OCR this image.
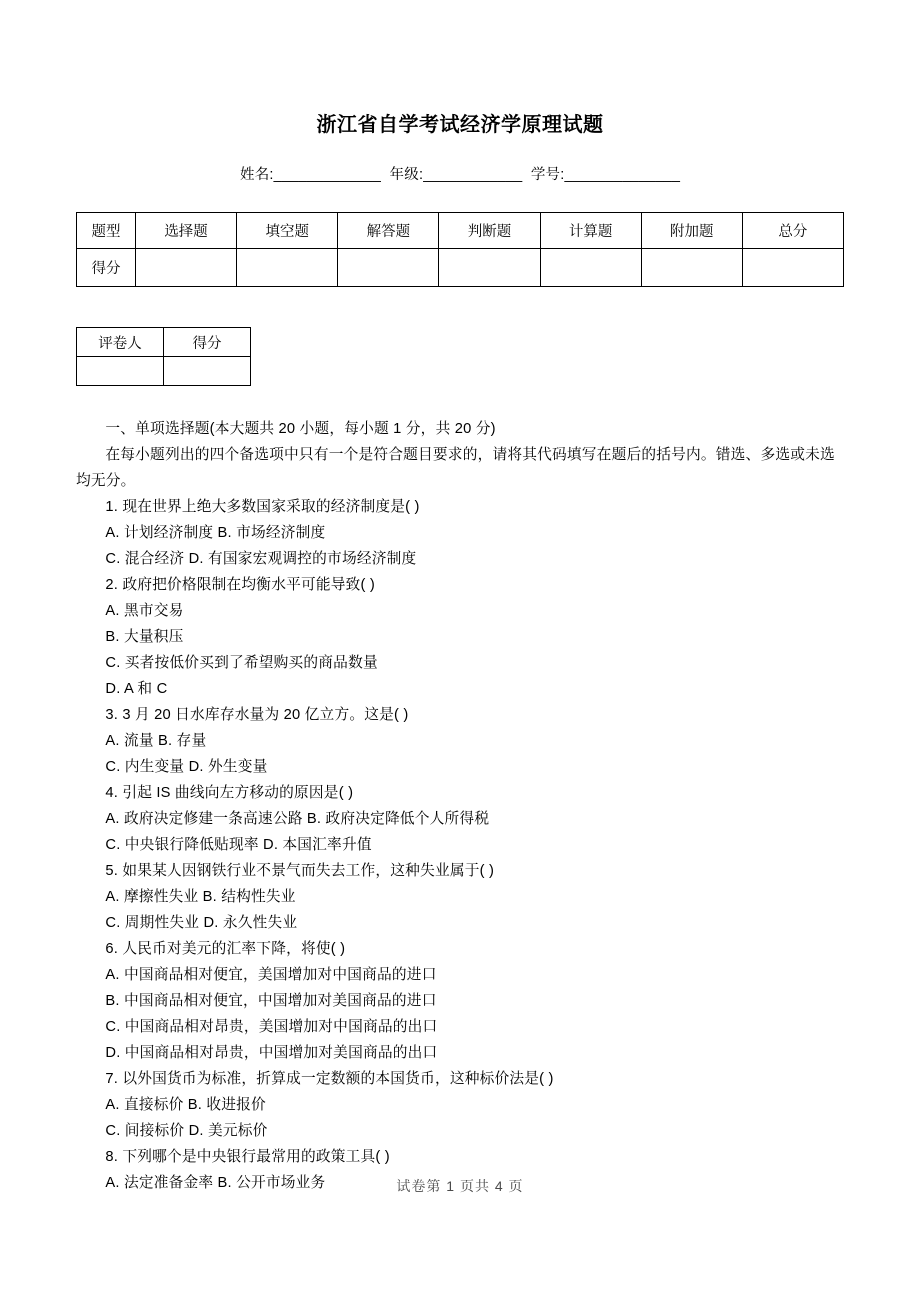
浙江省自学考试经济学原理试题
姓名:_____________ 年级:____________ 学号:______________
题型	选择题	填空题	解答题	判断题	计算题	附加题	总分
得分							
评卷人	得分

一、单项选择题(本大题共 20 小题，每小题 1 分，共 20 分)

在每小题列出的四个备选项中只有一个是符合题目要求的，请将其代码填写在题后的括号内。错选、多选或未选均无分。

1. 现在世界上绝大多数国家采取的经济制度是( )

A. 计划经济制度 B. 市场经济制度

C. 混合经济 D. 有国家宏观调控的市场经济制度

2. 政府把价格限制在均衡水平可能导致( )

A. 黑市交易

B. 大量积压

C. 买者按低价买到了希望购买的商品数量

D. A 和 C

3. 3 月 20 日水库存水量为 20 亿立方。这是( )

A. 流量 B. 存量

C. 内生变量 D. 外生变量

4. 引起 IS 曲线向左方移动的原因是( )

A. 政府决定修建一条高速公路 B. 政府决定降低个人所得税

C. 中央银行降低贴现率 D. 本国汇率升值

5. 如果某人因钢铁行业不景气而失去工作，这种失业属于( )

A. 摩擦性失业 B. 结构性失业

C. 周期性失业 D. 永久性失业

6. 人民币对美元的汇率下降，将使( )

A. 中国商品相对便宜，美国增加对中国商品的进口

B. 中国商品相对便宜，中国增加对美国商品的进口

C. 中国商品相对昂贵，美国增加对中国商品的出口

D. 中国商品相对昂贵，中国增加对美国商品的出口

7. 以外国货币为标准，折算成一定数额的本国货币，这种标价法是( )

A. 直接标价 B. 收进报价

C. 间接标价 D. 美元标价

8. 下列哪个是中央银行最常用的政策工具( )

A. 法定准备金率 B. 公开市场业务	试卷第 1 页共 4 页
